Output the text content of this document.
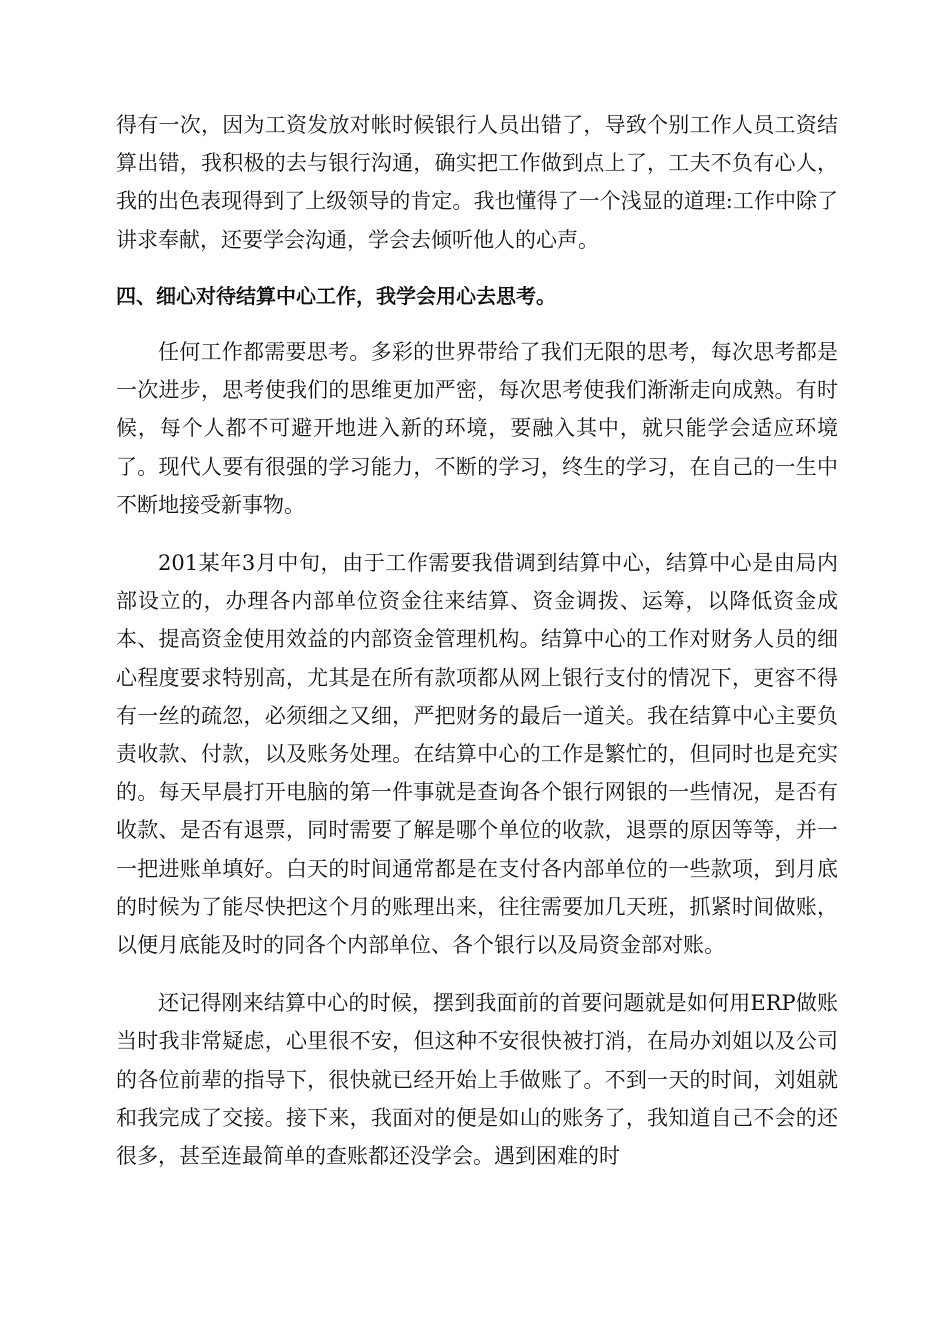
得有一次，因为工资发放对帐时候银行人员出错了，导致个别工作人员工资结算出错，我积极的去与银行沟通，确实把工作做到点上了，工夫不负有心人，我的出色表现得到了上级领导的肯定。我也懂得了一个浅显的道理:工作中除了讲求奉献，还要学会沟通，学会去倾听他人的心声。

四、细心对待结算中心工作，我学会用心去思考。

任何工作都需要思考。多彩的世界带给了我们无限的思考，每次思考都是一次进步，思考使我们的思维更加严密，每次思考使我们渐渐走向成熟。有时候，每个人都不可避开地进入新的环境，要融入其中，就只能学会适应环境了。现代人要有很强的学习能力，不断的学习，终生的学习，在自己的一生中不断地接受新事物。

201某年3月中旬，由于工作需要我借调到结算中心，结算中心是由局内部设立的，办理各内部单位资金往来结算、资金调拨、运筹，以降低资金成本、提高资金使用效益的内部资金管理机构。结算中心的工作对财务人员的细心程度要求特别高，尤其是在所有款项都从网上银行支付的情况下，更容不得有一丝的疏忽，必须细之又细，严把财务的最后一道关。我在结算中心主要负责收款、付款，以及账务处理。在结算中心的工作是繁忙的，但同时也是充实的。每天早晨打开电脑的第一件事就是查询各个银行网银的一些情况，是否有收款、是否有退票，同时需要了解是哪个单位的收款，退票的原因等等，并一一把进账单填好。白天的时间通常都是在支付各内部单位的一些款项，到月底的时候为了能尽快把这个月的账理出来，往往需要加几天班，抓紧时间做账，以便月底能及时的同各个内部单位、各个银行以及局资金部对账。

还记得刚来结算中心的时候，摆到我面前的首要问题就是如何用ERP做账当时我非常疑虑，心里很不安，但这种不安很快被打消，在局办刘姐以及公司的各位前辈的指导下，很快就已经开始上手做账了。不到一天的时间，刘姐就和我完成了交接。接下来，我面对的便是如山的账务了，我知道自己不会的还很多，甚至连最简单的查账都还没学会。遇到困难的时
